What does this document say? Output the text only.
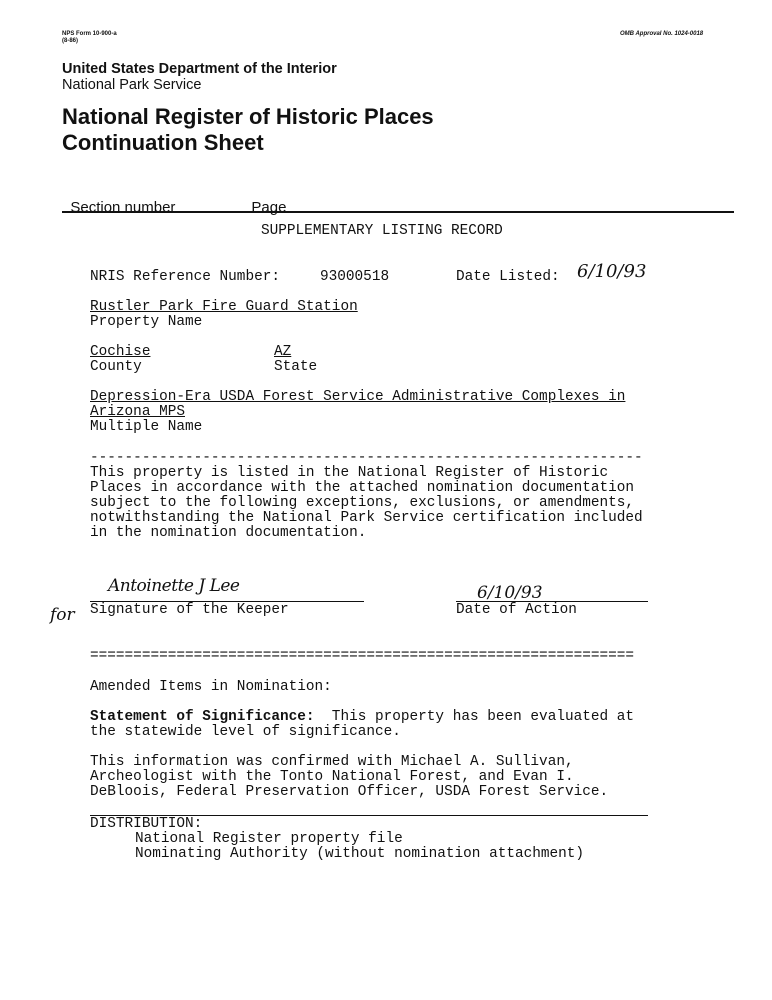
NPS Form 10-900-a
(8-86)
OMB Approval No. 1024-0018
United States Department of the Interior
National Park Service
National Register of Historic Places
Continuation Sheet

Section number	Page

SUPPLEMENTARY LISTING RECORD
NRIS Reference Number:	93000518	Date Listed: 6/10/93
Rustler Park Fire Guard Station
Property Name
Cochise	AZ
County	State
Depression-Era USDA Forest Service Administrative Complexes in
Arizona MPS
Multiple Name
----------------------------------------------------------------
This property is listed in the National Register of Historic
Places in accordance with the attached nomination documentation
subject to the following exceptions, exclusions, or amendments,
notwithstanding the National Park Service certification included
in the nomination documentation.
Antoinette J Lee
for Signature of the Keeper
6/10/93
Date of Action
===============================================================
Amended Items in Nomination:
Statement of Significance:  This property has been evaluated at
the statewide level of significance.
This information was confirmed with Michael A. Sullivan,
Archeologist with the Tonto National Forest, and Evan I.
DeBloois, Federal Preservation Officer, USDA Forest Service.
DISTRIBUTION:
National Register property file
Nominating Authority (without nomination attachment)
